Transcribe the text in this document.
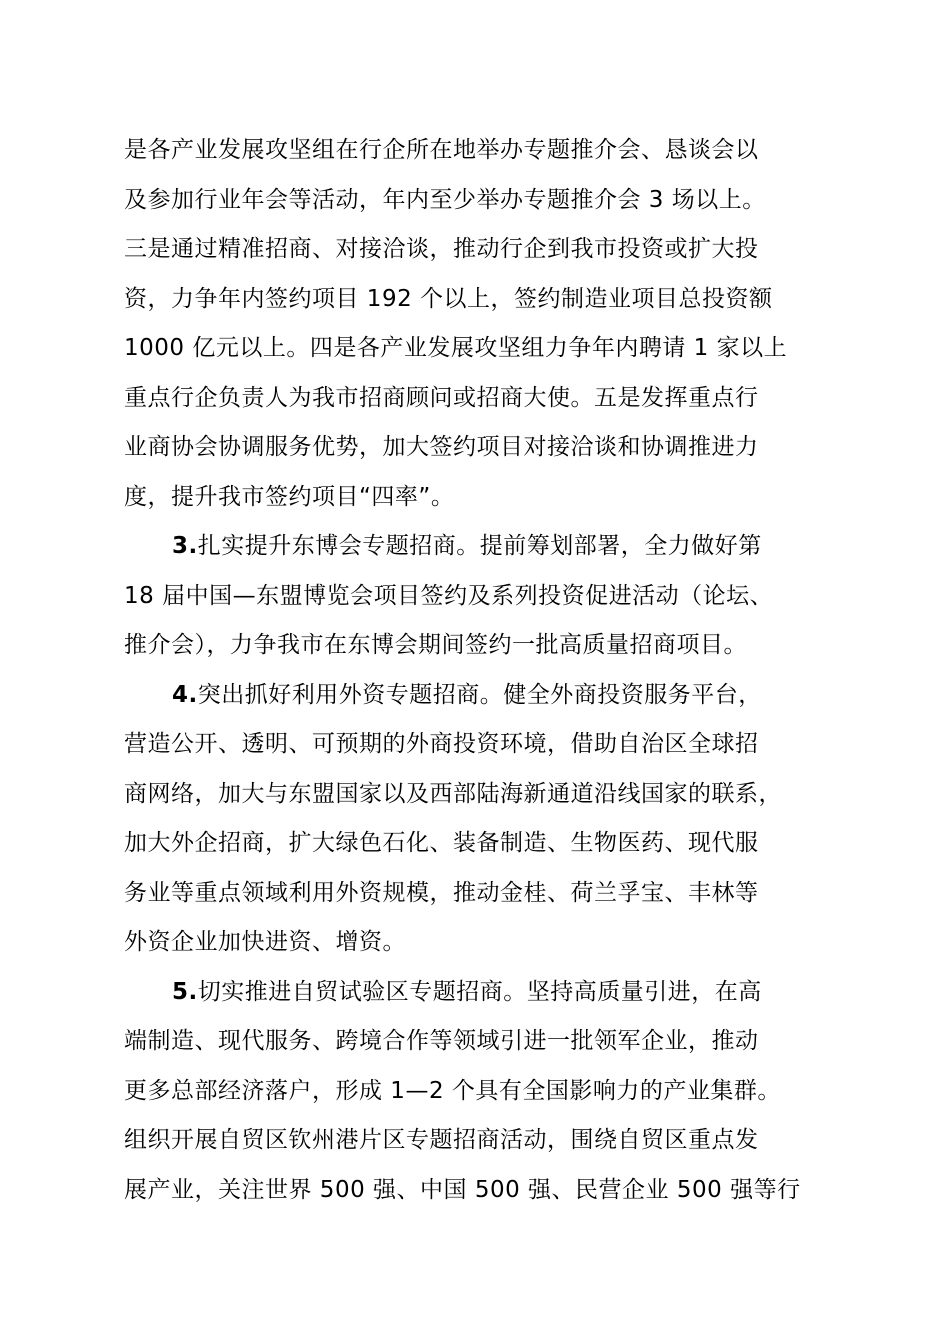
是各产业发展攻坚组在行企所在地举办专题推介会、恳谈会以
及参加行业年会等活动，年内至少举办专题推介会 3 场以上。
三是通过精准招商、对接洽谈，推动行企到我市投资或扩大投
资，力争年内签约项目 192 个以上，签约制造业项目总投资额
1000 亿元以上。四是各产业发展攻坚组力争年内聘请 1 家以上
重点行企负责人为我市招商顾问或招商大使。五是发挥重点行
业商协会协调服务优势，加大签约项目对接洽谈和协调推进力
度，提升我市签约项目“四率”。
3.扎实提升东博会专题招商。提前筹划部署，全力做好第
18 届中国—东盟博览会项目签约及系列投资促进活动（论坛、
推介会），力争我市在东博会期间签约一批高质量招商项目。
4.突出抓好利用外资专题招商。健全外商投资服务平台，
营造公开、透明、可预期的外商投资环境，借助自治区全球招
商网络，加大与东盟国家以及西部陆海新通道沿线国家的联系，
加大外企招商，扩大绿色石化、装备制造、生物医药、现代服
务业等重点领域利用外资规模，推动金桂、荷兰孚宝、丰林等
外资企业加快进资、增资。
5.切实推进自贸试验区专题招商。坚持高质量引进，在高
端制造、现代服务、跨境合作等领域引进一批领军企业，推动
更多总部经济落户，形成 1—2 个具有全国影响力的产业集群。
组织开展自贸区钦州港片区专题招商活动，围绕自贸区重点发
展产业，关注世界 500 强、中国 500 强、民营企业 500 强等行
